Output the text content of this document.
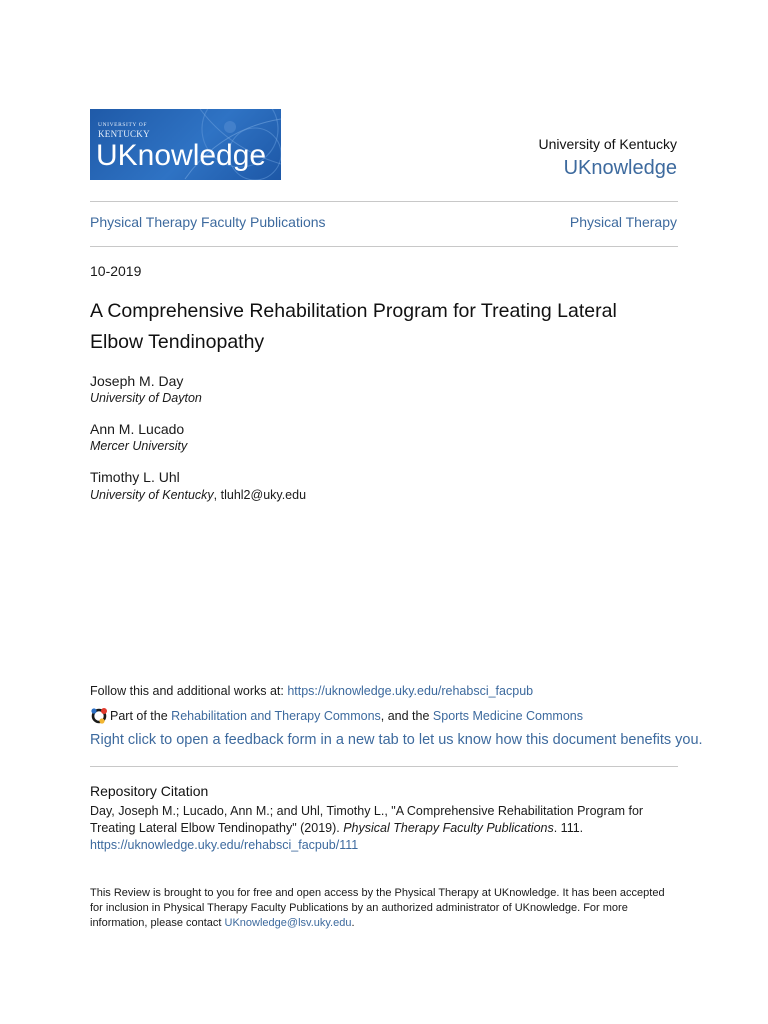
UNIVERSITY OF
KENTUCKY
UKnowledge	University of Kentucky
UKnowledge
Physical Therapy Faculty Publications	Physical Therapy
10-2019
A Comprehensive Rehabilitation Program for Treating Lateral Elbow Tendinopathy
Joseph M. Day
University of Dayton
Ann M. Lucado
Mercer University
Timothy L. Uhl
University of Kentucky, tluhl2@uky.edu
Follow this and additional works at: https://uknowledge.uky.edu/rehabsci_facpub
Part of the
Rehabilitation and Therapy Commons , and the
Sports Medicine Commons
Right click to open a feedback form in a new tab to let us know how this document benefits you.
Repository Citation
Day, Joseph M.; Lucado, Ann M.; and Uhl, Timothy L., "A Comprehensive Rehabilitation Program for Treating Lateral Elbow Tendinopathy" (2019). Physical Therapy Faculty Publications. 111.
https://uknowledge.uky.edu/rehabsci_facpub/111
This Review is brought to you for free and open access by the Physical Therapy at UKnowledge. It has been accepted for inclusion in Physical Therapy Faculty Publications by an authorized administrator of UKnowledge. For more information, please contact UKnowledge@lsv.uky.edu.
